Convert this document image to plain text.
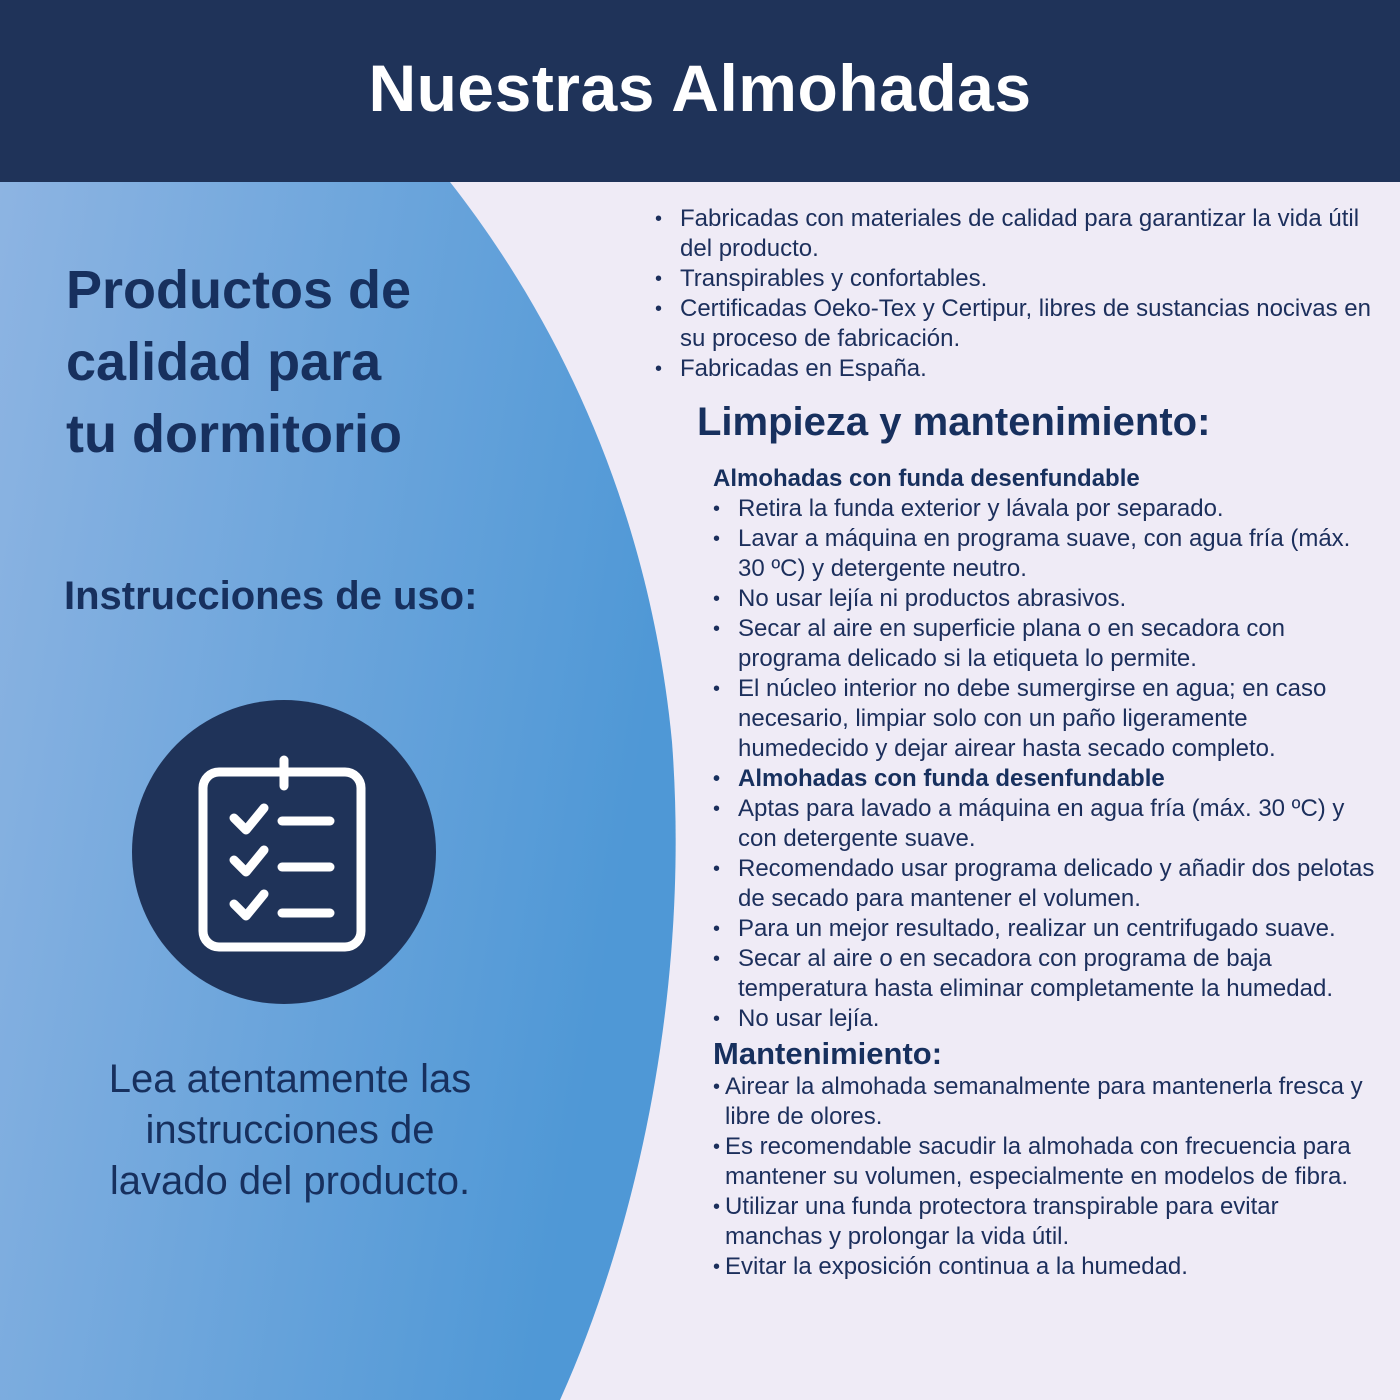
Nuestras Almohadas
Productos de
calidad para
tu dormitorio
Instrucciones de uso:
Lea atentamente las
instrucciones de
lavado del producto.
• Fabricadas con materiales de calidad para garantizar la vida útil del producto.
• Transpirables y confortables.
• Certificadas Oeko-Tex y Certipur, libres de sustancias nocivas en su proceso de fabricación.
• Fabricadas en España.
Limpieza y mantenimiento:
Almohadas con funda desenfundable
• Retira la funda exterior y lávala por separado.
• Lavar a máquina en programa suave, con agua fría (máx. 30 ºC) y detergente neutro.
• No usar lejía ni productos abrasivos.
• Secar al aire en superficie plana o en secadora con programa delicado si la etiqueta lo permite.
• El núcleo interior no debe sumergirse en agua; en caso necesario, limpiar solo con un paño ligeramente humedecido y dejar airear hasta secado completo.
• Almohadas con funda desenfundable
• Aptas para lavado a máquina en agua fría (máx. 30 ºC) y con detergente suave.
• Recomendado usar programa delicado y añadir dos pelotas de secado para mantener el volumen.
• Para un mejor resultado, realizar un centrifugado suave.
• Secar al aire o en secadora con programa de baja temperatura hasta eliminar completamente la humedad.
• No usar lejía.
Mantenimiento:
• Airear la almohada semanalmente para mantenerla fresca y libre de olores.
• Es recomendable sacudir la almohada con frecuencia para mantener su volumen, especialmente en modelos de fibra.
• Utilizar una funda protectora transpirable para evitar manchas y prolongar la vida útil.
• Evitar la exposición continua a la humedad.
